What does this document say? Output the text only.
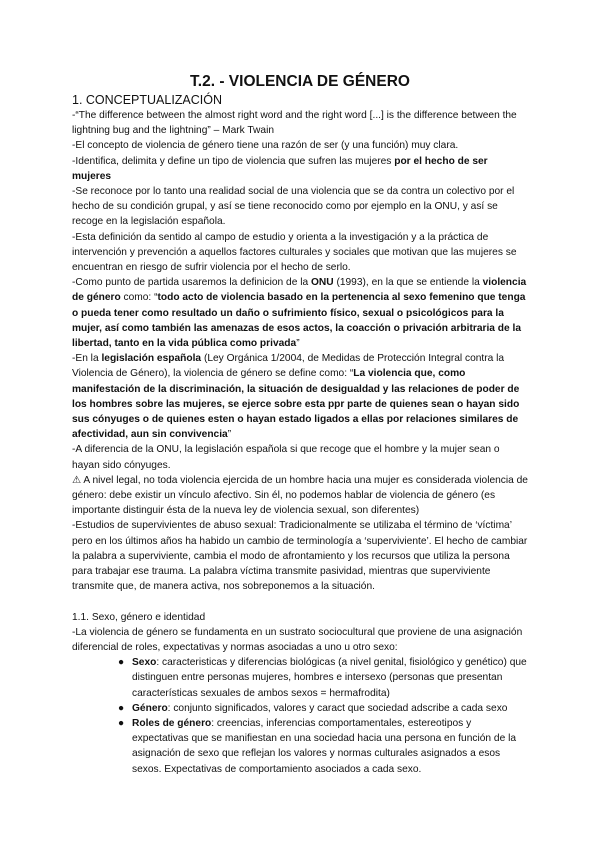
T.2. - VIOLENCIA DE GÉNERO
1. CONCEPTUALIZACIÓN

-“The difference between the almost right word and the right word [...] is the difference between the lightning bug and the lightning” – Mark Twain

-El concepto de violencia de género tiene una razón de ser (y una función) muy clara.

-Identifica, delimita y define un tipo de violencia que sufren las mujeres por el hecho de ser mujeres

-Se reconoce por lo tanto una realidad social de una violencia que se da contra un colectivo por el hecho de su condición grupal, y así se tiene reconocido como por ejemplo en la ONU, y así se recoge en la legislación española.

-Esta definición da sentido al campo de estudio y orienta a la investigación y a la práctica de intervención y prevención a aquellos factores culturales y sociales que motivan que las mujeres se encuentran en riesgo de sufrir violencia por el hecho de serlo.

-Como punto de partida usaremos la definicion de la ONU (1993), en la que se entiende la violencia de género como: “todo acto de violencia basado en la pertenencia al sexo femenino que tenga o pueda tener como resultado un daño o sufrimiento físico, sexual o psicológicos para la mujer, así como también las amenazas de esos actos, la coacción o privación arbitraria de la libertad, tanto en la vida pública como privada”

-En la legislación española (Ley Orgánica 1/2004, de Medidas de Protección Integral contra la Violencia de Género), la violencia de género se define como: “La violencia que, como manifestación de la discriminación, la situación de desigualdad y las relaciones de poder de los hombres sobre las mujeres, se ejerce sobre esta ppr parte de quienes sean o hayan sido sus cónyuges o de quienes esten o hayan estado ligados a ellas por relaciones similares de afectividad, aun sin convivencia”

-A diferencia de la ONU, la legislación española si que recoge que el hombre y la mujer sean o hayan sido cónyuges.

⚠ A nivel legal, no toda violencia ejercida de un hombre hacia una mujer es considerada violencia de género: debe existir un vínculo afectivo. Sin él, no podemos hablar de violencia de género (es importante distinguir ésta de la nueva ley de violencia sexual, son diferentes)

-Estudios de supervivientes de abuso sexual: Tradicionalmente se utilizaba el término de ‘víctima’ pero en los últimos años ha habido un cambio de terminología a ‘superviviente’. El hecho de cambiar la palabra a superviviente, cambia el modo de afrontamiento y los recursos que utiliza la persona para trabajar ese trauma. La palabra víctima transmite pasividad, mientras que superviviente transmite que, de manera activa, nos sobreponemos a la situación.

1.1. Sexo, género e identidad

-La violencia de género se fundamenta en un sustrato sociocultural que proviene de una asignación diferencial de roles, expectativas y normas asociadas a uno u otro sexo:

● Sexo: caracteristicas y diferencias biológicas (a nivel genital, fisiológico y genético) que distinguen entre personas mujeres, hombres e intersexo (personas que presentan características sexuales de ambos sexos = hermafrodita)
● Género: conjunto significados, valores y caract que sociedad adscribe a cada sexo
● Roles de género: creencias, inferencias comportamentales, estereotipos y expectativas que se manifiestan en una sociedad hacia una persona en función de la asignación de sexo que reflejan los valores y normas culturales asignados a esos sexos. Expectativas de comportamiento asociados a cada sexo.
